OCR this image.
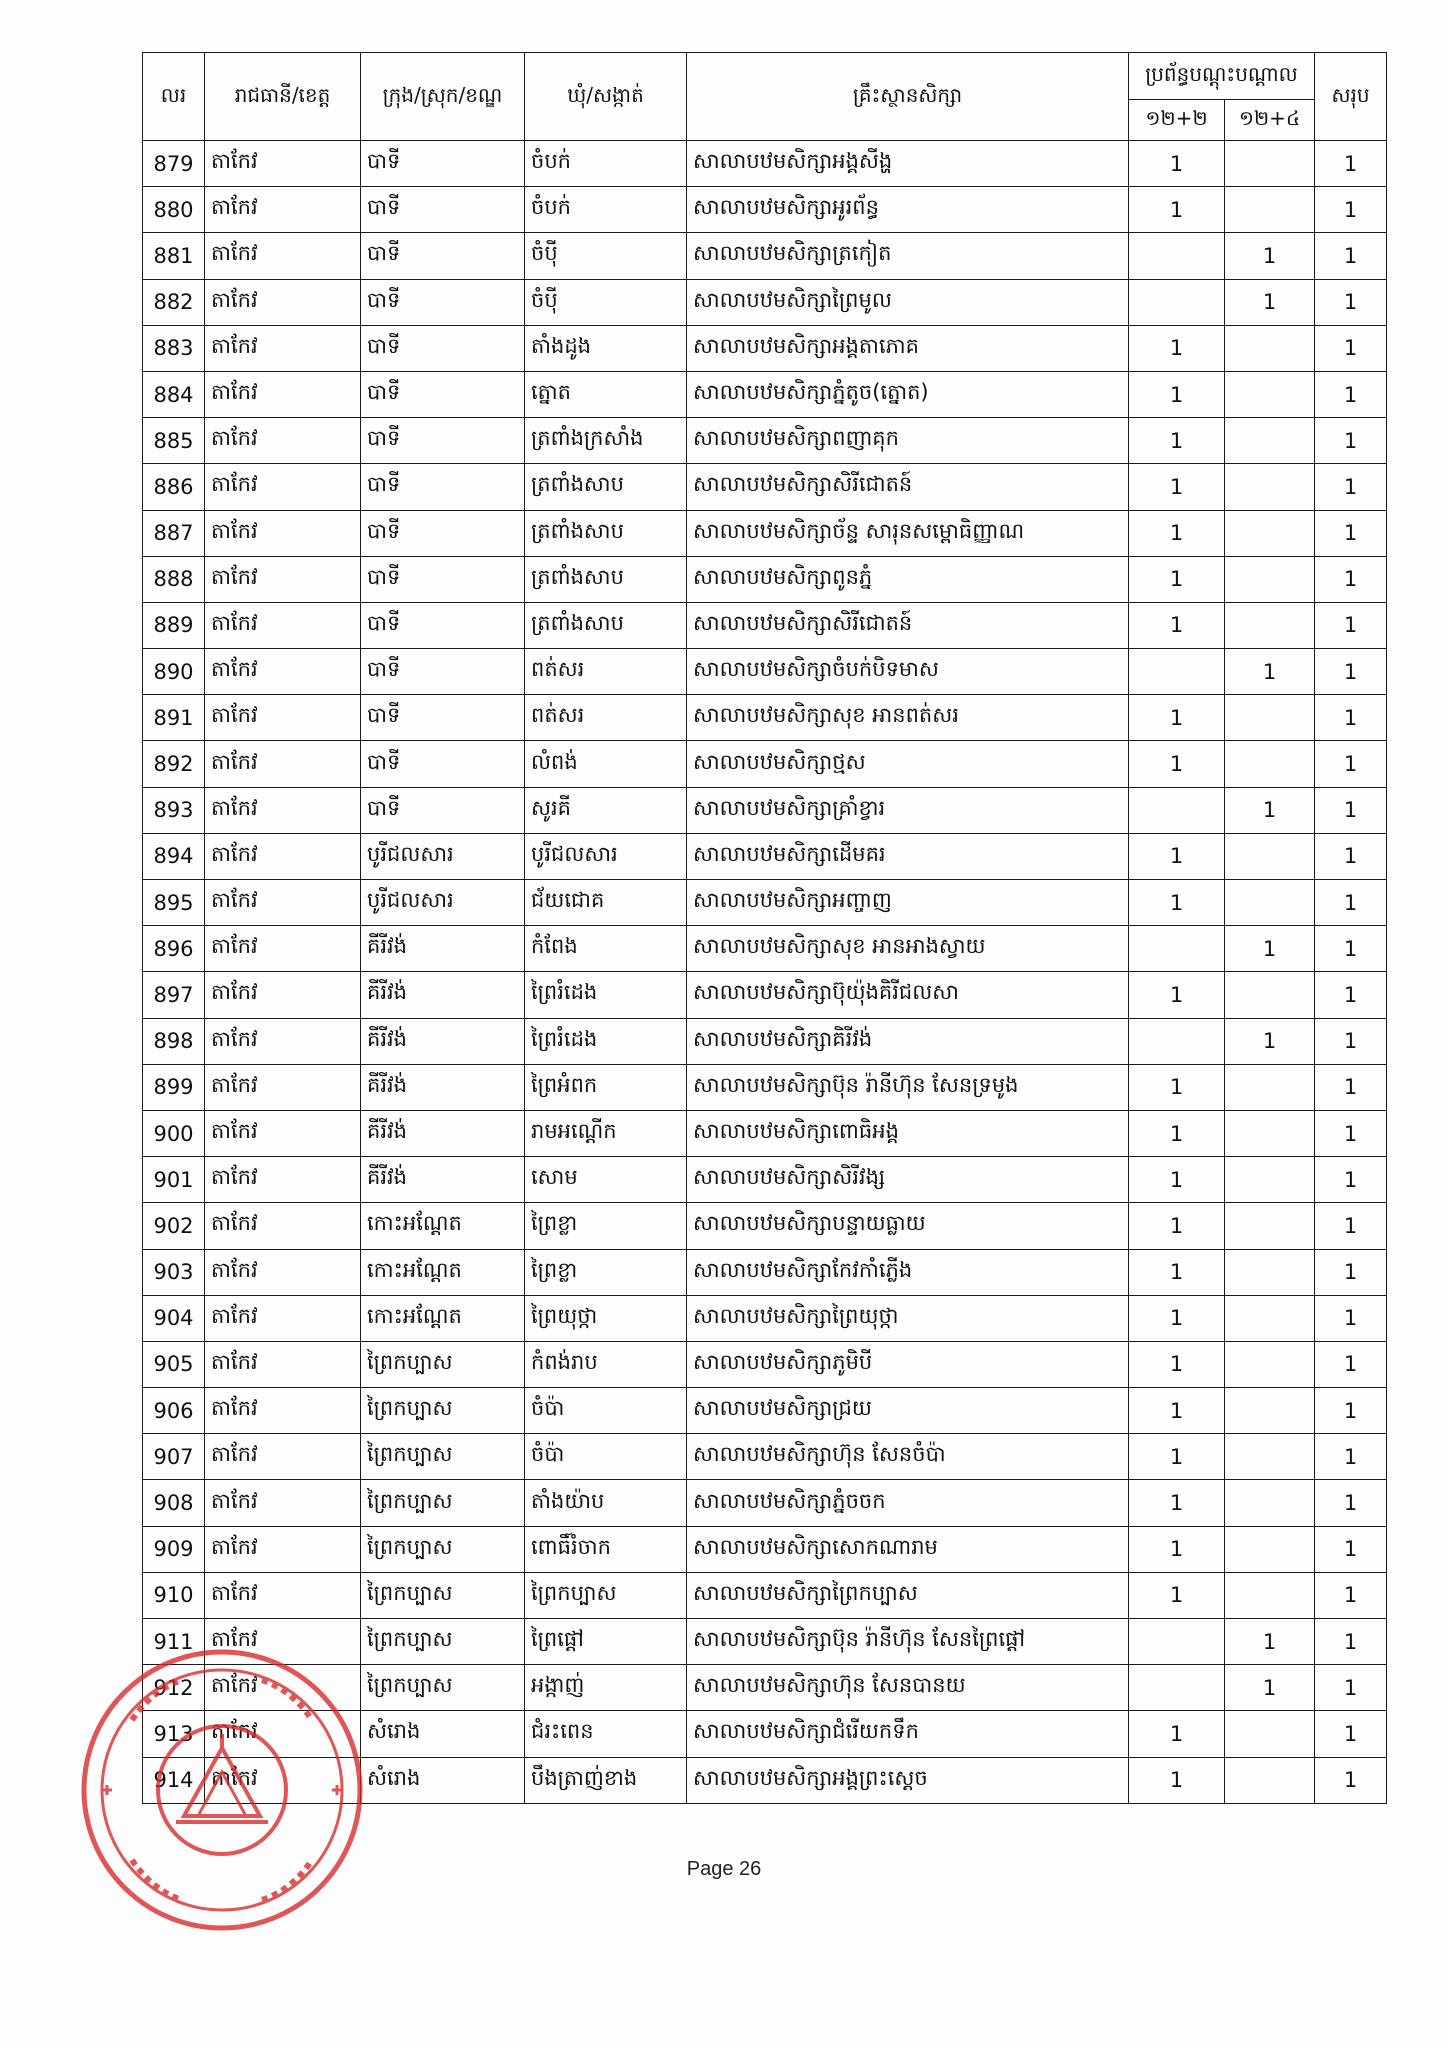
លរ	រាជធានី/ខេត្ត	ក្រុង/ស្រុក/ខណ្ឌ	ឃុំ/សង្កាត់	គ្រឹះស្ថានសិក្សា	ប្រព័ន្ធបណ្តុះបណ្តាល		សរុប
					១២+២	១២+៤	
879	តាកែវ	បាទី	ចំបក់	សាលាបឋមសិក្សាអង្គសីង្ហ	1		1
880	តាកែវ	បាទី	ចំបក់	សាលាបឋមសិក្សាអូរព័ន្ធ	1		1
881	តាកែវ	បាទី	ចំប៉ី	សាលាបឋមសិក្សាត្រកៀត		1	1
882	តាកែវ	បាទី	ចំប៉ី	សាលាបឋមសិក្សាព្រៃមូល		1	1
883	តាកែវ	បាទី	តាំងដូង	សាលាបឋមសិក្សាអង្គតាភោគ	1		1
884	តាកែវ	បាទី	ត្នោត	សាលាបឋមសិក្សាភ្នំតូច(ត្នោត)	1		1
885	តាកែវ	បាទី	ត្រពាំងក្រសាំង	សាលាបឋមសិក្សាពញាគុក	1		1
886	តាកែវ	បាទី	ត្រពាំងសាប	សាលាបឋមសិក្សាសិរីជោតន៍	1		1
887	តាកែវ	បាទី	ត្រពាំងសាប	សាលាបឋមសិក្សាច័ន្ទ សារុនសម្ពោធិញ្ញាណ	1		1
888	តាកែវ	បាទី	ត្រពាំងសាប	សាលាបឋមសិក្សាពូនភ្នំ	1		1
889	តាកែវ	បាទី	ត្រពាំងសាប	សាលាបឋមសិក្សាសិរីជោតន៍	1		1
890	តាកែវ	បាទី	ពត់សរ	សាលាបឋមសិក្សាចំបក់បិទមាស		1	1
891	តាកែវ	បាទី	ពត់សរ	សាលាបឋមសិក្សាសុខ អានពត់សរ	1		1
892	តាកែវ	បាទី	លំពង់	សាលាបឋមសិក្សាថ្មស	1		1
893	តាកែវ	បាទី	សូរគី	សាលាបឋមសិក្សាគ្រាំខ្វារ		1	1
894	តាកែវ	បូរីជលសារ	បូរីជលសារ	សាលាបឋមសិក្សាដើមគរ	1		1
895	តាកែវ	បូរីជលសារ	ជ័យជោគ	សាលាបឋមសិក្សាអញ្ចាញ	1		1
896	តាកែវ	គីរីវង់	កំពែង	សាលាបឋមសិក្សាសុខ អានអាងស្វាយ		1	1
897	តាកែវ	គីរីវង់	ព្រៃរំដេង	សាលាបឋមសិក្សាប៊ុយ៉ុងគិរីជលសា	1		1
898	តាកែវ	គីរីវង់	ព្រៃរំដេង	សាលាបឋមសិក្សាគិរីវង់		1	1
899	តាកែវ	គីរីវង់	ព្រៃអំពក	សាលាបឋមសិក្សាប៊ុន រ៉ានីហ៊ុន សែនទ្រមូង	1		1
900	តាកែវ	គីរីវង់	រាមអណ្តើក	សាលាបឋមសិក្សាពោធិអង្គ	1		1
901	តាកែវ	គីរីវង់	សោម	សាលាបឋមសិក្សាសិរីវង្ស	1		1
902	តាកែវ	កោះអណ្តែត	ព្រៃខ្លា	សាលាបឋមសិក្សាបន្ទាយធ្លាយ	1		1
903	តាកែវ	កោះអណ្តែត	ព្រៃខ្លា	សាលាបឋមសិក្សាកែវកាំភ្លើង	1		1
904	តាកែវ	កោះអណ្តែត	ព្រៃយុថ្កា	សាលាបឋមសិក្សាព្រៃយុថ្កា	1		1
905	តាកែវ	ព្រៃកប្បាស	កំពង់រាប	សាលាបឋមសិក្សាភូមិបី	1		1
906	តាកែវ	ព្រៃកប្បាស	ចំប៉ា	សាលាបឋមសិក្សាជ្រយ	1		1
907	តាកែវ	ព្រៃកប្បាស	ចំប៉ា	សាលាបឋមសិក្សាហ៊ុន សែនចំប៉ា	1		1
908	តាកែវ	ព្រៃកប្បាស	តាំងយ៉ាប	សាលាបឋមសិក្សាភ្នំចចក	1		1
909	តាកែវ	ព្រៃកប្បាស	ពោធិ៍រំចាក	សាលាបឋមសិក្សាសោកណារាម	1		1
910	តាកែវ	ព្រៃកប្បាស	ព្រៃកប្បាស	សាលាបឋមសិក្សាព្រៃកប្បាស	1		1
911	តាកែវ	ព្រៃកប្បាស	ព្រៃផ្តៅ	សាលាបឋមសិក្សាប៊ុន រ៉ានីហ៊ុន សែនព្រៃផ្តៅ		1	1
912	តាកែវ	ព្រៃកប្បាស	អង្កាញ់	សាលាបឋមសិក្សាហ៊ុន សែនបានយ		1	1
913	តាកែវ	សំរោង	ជំរះពេន	សាលាបឋមសិក្សាជំរើយកទឹក	1		1
914	តាកែវ	សំរោង	បឹងត្រាញ់ខាង	សាលាបឋមសិក្សាអង្គព្រះស្តេច	1		1
Page 26
